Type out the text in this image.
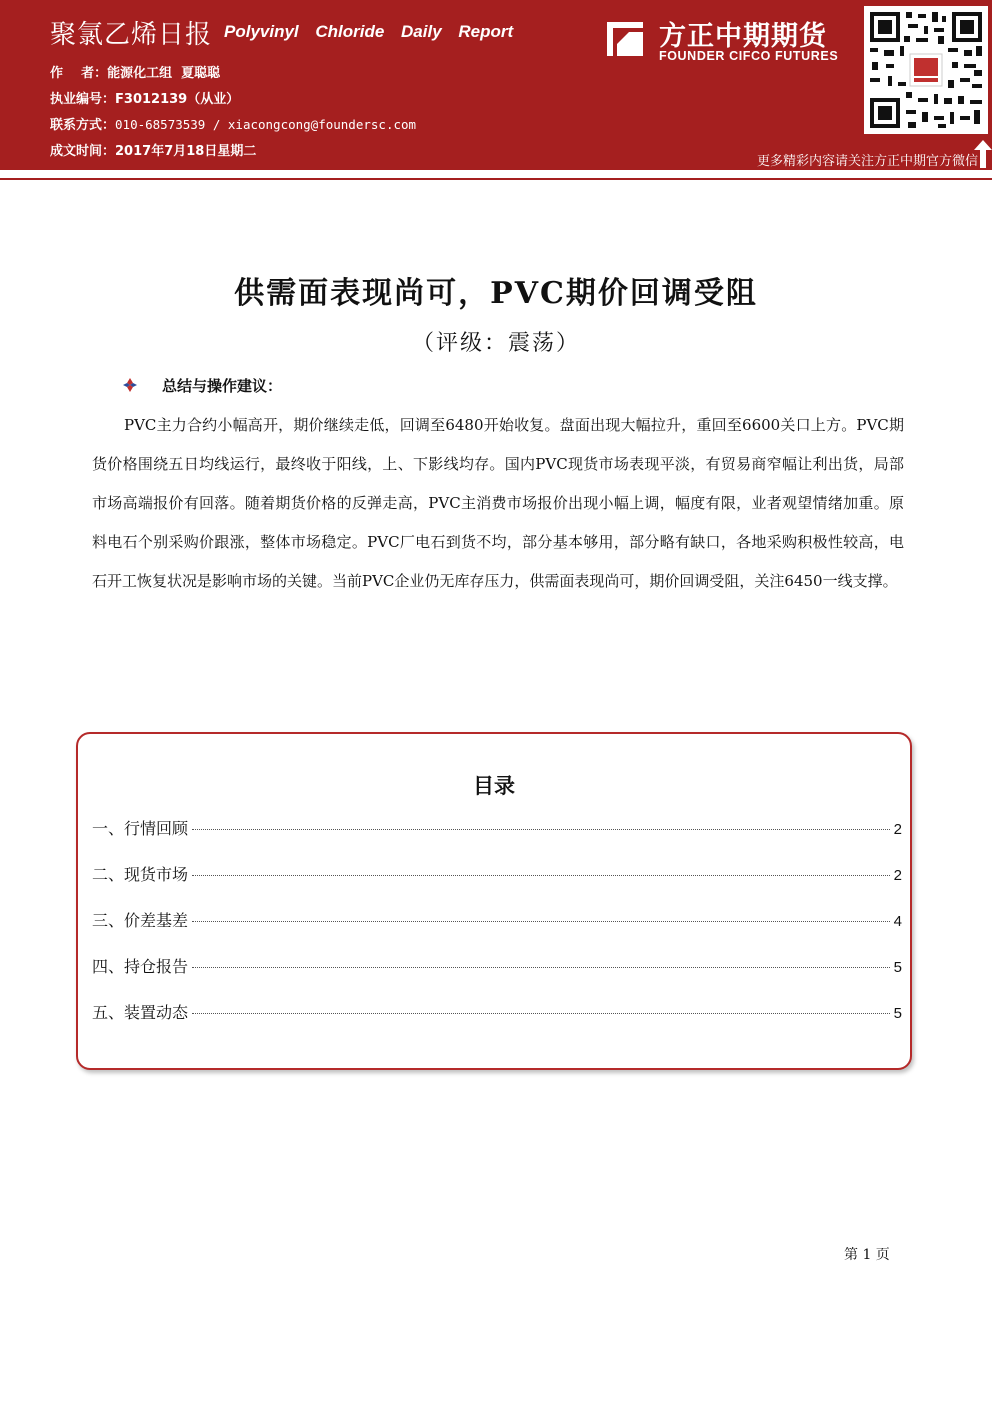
聚氯乙烯日报 Polyvinyl Chloride Daily Report
作    者：能源化工组  夏聪聪
执业编号：F3012139（从业）
联系方式：010-68573539 / xiacongcong@foundersc.com
成文时间：2017年7月18日星期二
方正中期期货
FOUNDER CIFCO FUTURES
更多精彩内容请关注方正中期官方微信
供需面表现尚可，PVC期价回调受阻
（评级：震荡）
总结与操作建议：
PVC主力合约小幅高开，期价继续走低，回调至6480开始收复。盘面出现大幅拉升，重回至6600关口上方。PVC期货价格围绕五日均线运行，最终收于阳线，上、下影线均存。国内PVC现货市场表现平淡，有贸易商窄幅让利出货，局部市场高端报价有回落。随着期货价格的反弹走高，PVC主消费市场报价出现小幅上调，幅度有限，业者观望情绪加重。原料电石个别采购价跟涨，整体市场稳定。PVC厂电石到货不均，部分基本够用，部分略有缺口，各地采购积极性较高，电石开工恢复状况是影响市场的关键。当前PVC企业仍无库存压力，供需面表现尚可，期价回调受阻，关注6450一线支撑。
目录
一、行情回顾	2
二、现货市场	2
三、价差基差	4
四、持仓报告	5
五、装置动态	5
第 1 页
